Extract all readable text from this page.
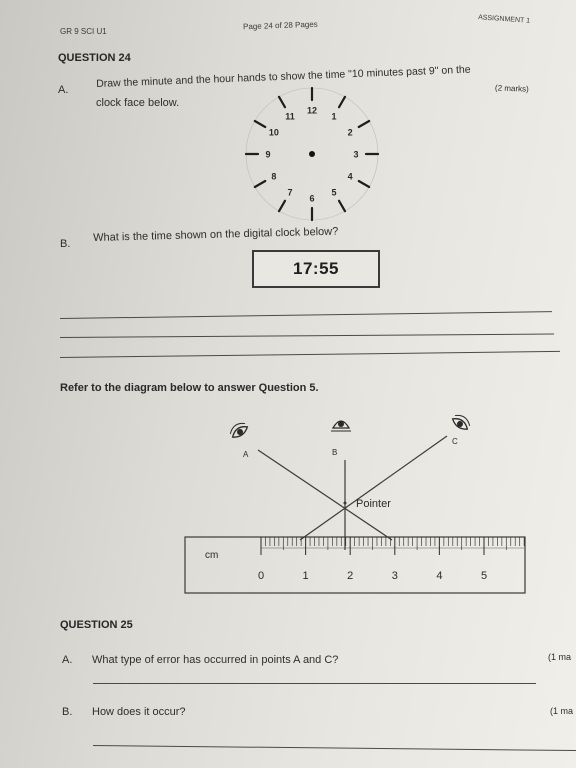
GR 9 SCI U1
Page 24 of 28 Pages
ASSIGNMENT 1
QUESTION 24
A.
Draw the minute and the hour hands to show the time "10 minutes past 9" on the
clock face below.
(2 marks)
1
2
3
4
5
6
7
8
9
10
11
12
B.
What is the time shown on the digital clock below?
17:55
Refer to the diagram below to answer Question 5.
0	1	2	3	4	5
A	B
C
Pointer
cm
QUESTION 25
A. What type of error has occurred in points A and C?	(1 ma
B. How does it occur?	(1 ma
